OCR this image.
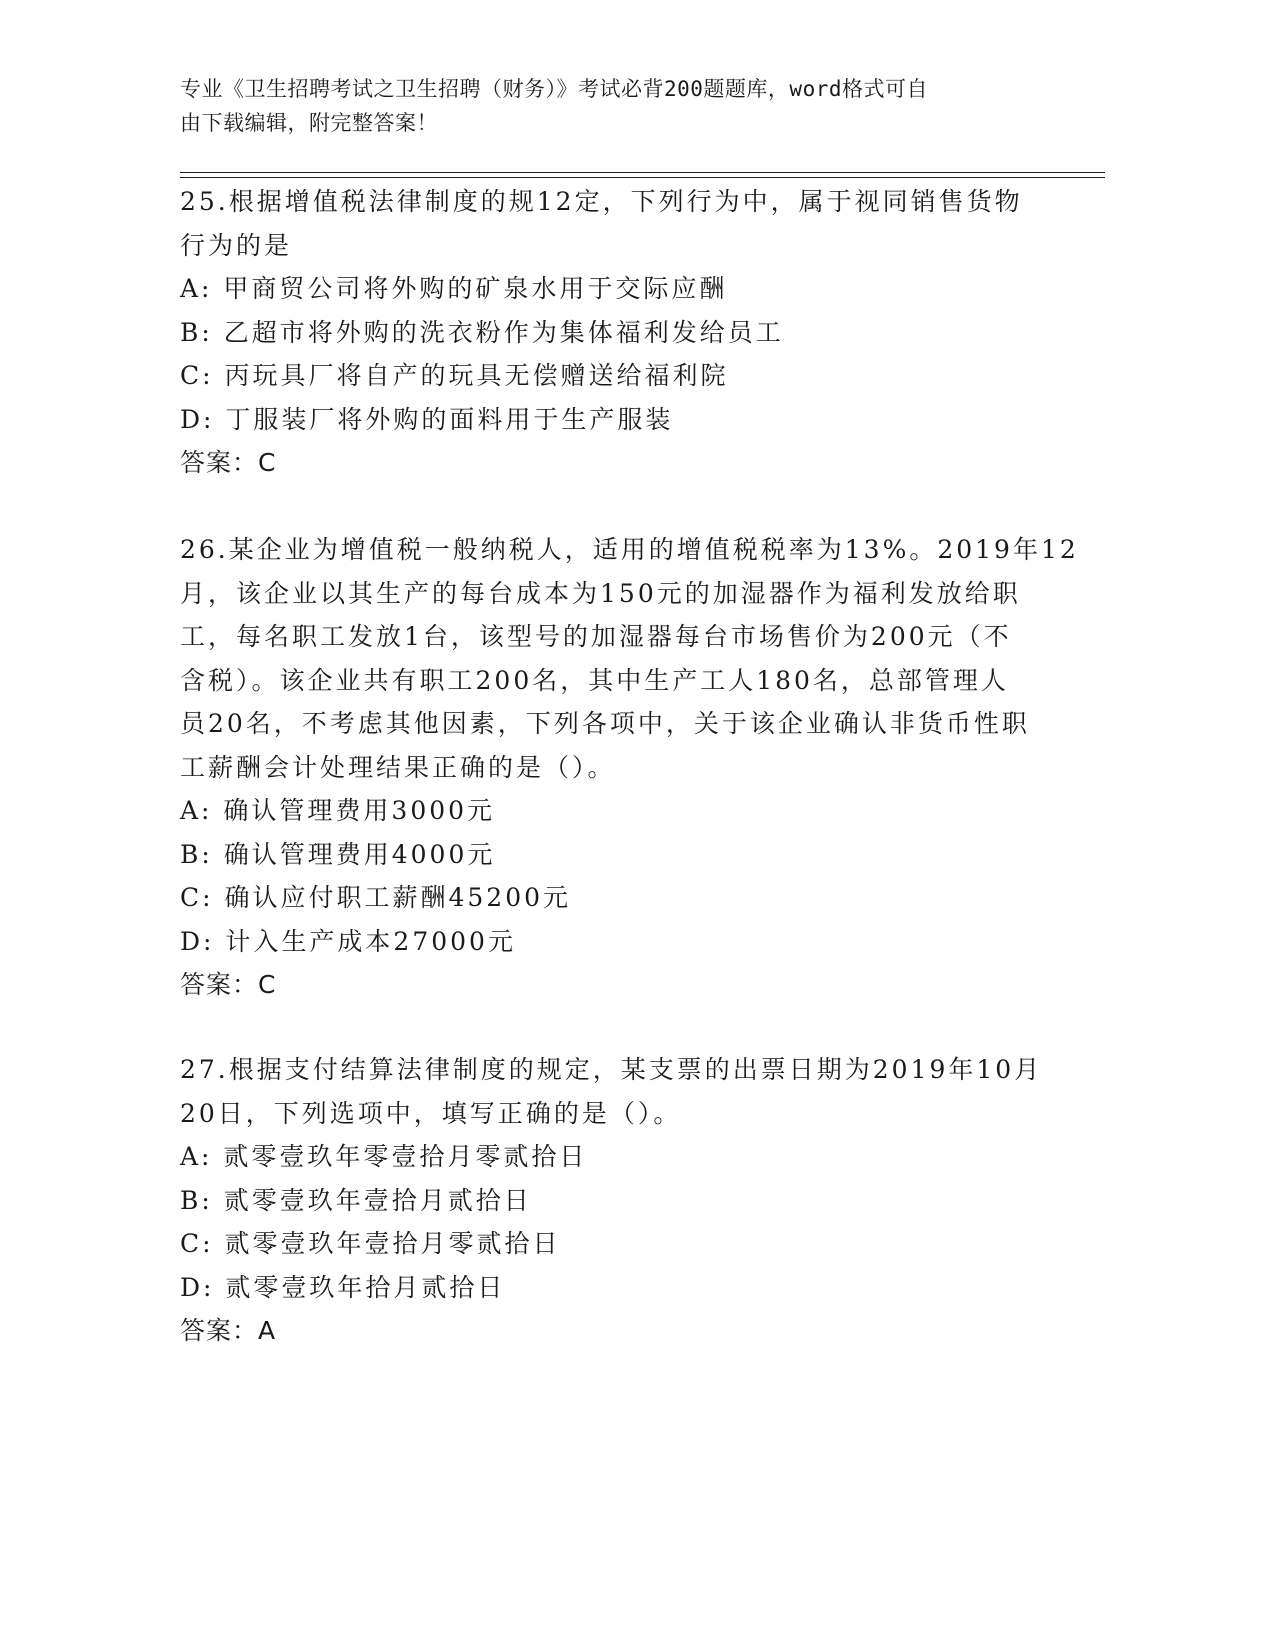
专业《卫生招聘考试之卫生招聘（财务）》考试必背200题题库，word格式可自
由下载编辑，附完整答案！
25.根据增值税法律制度的规12定，下列行为中，属于视同销售货物
行为的是
A: 甲商贸公司将外购的矿泉水用于交际应酬
B: 乙超市将外购的洗衣粉作为集体福利发给员工
C: 丙玩具厂将自产的玩具无偿赠送给福利院
D: 丁服装厂将外购的面料用于生产服装
答案：C
26.某企业为增值税一般纳税人，适用的增值税税率为13%。2019年12
月，该企业以其生产的每台成本为150元的加湿器作为福利发放给职
工，每名职工发放1台，该型号的加湿器每台市场售价为200元（不
含税）。该企业共有职工200名，其中生产工人180名，总部管理人
员20名，不考虑其他因素，下列各项中，关于该企业确认非货币性职
工薪酬会计处理结果正确的是（）。
A: 确认管理费用3000元
B: 确认管理费用4000元
C: 确认应付职工薪酬45200元
D: 计入生产成本27000元
答案：C
27.根据支付结算法律制度的规定，某支票的出票日期为2019年10月
20日，下列选项中，填写正确的是（）。
A: 贰零壹玖年零壹拾月零贰拾日
B: 贰零壹玖年壹拾月贰拾日
C: 贰零壹玖年壹拾月零贰拾日
D: 贰零壹玖年拾月贰拾日
答案：A
